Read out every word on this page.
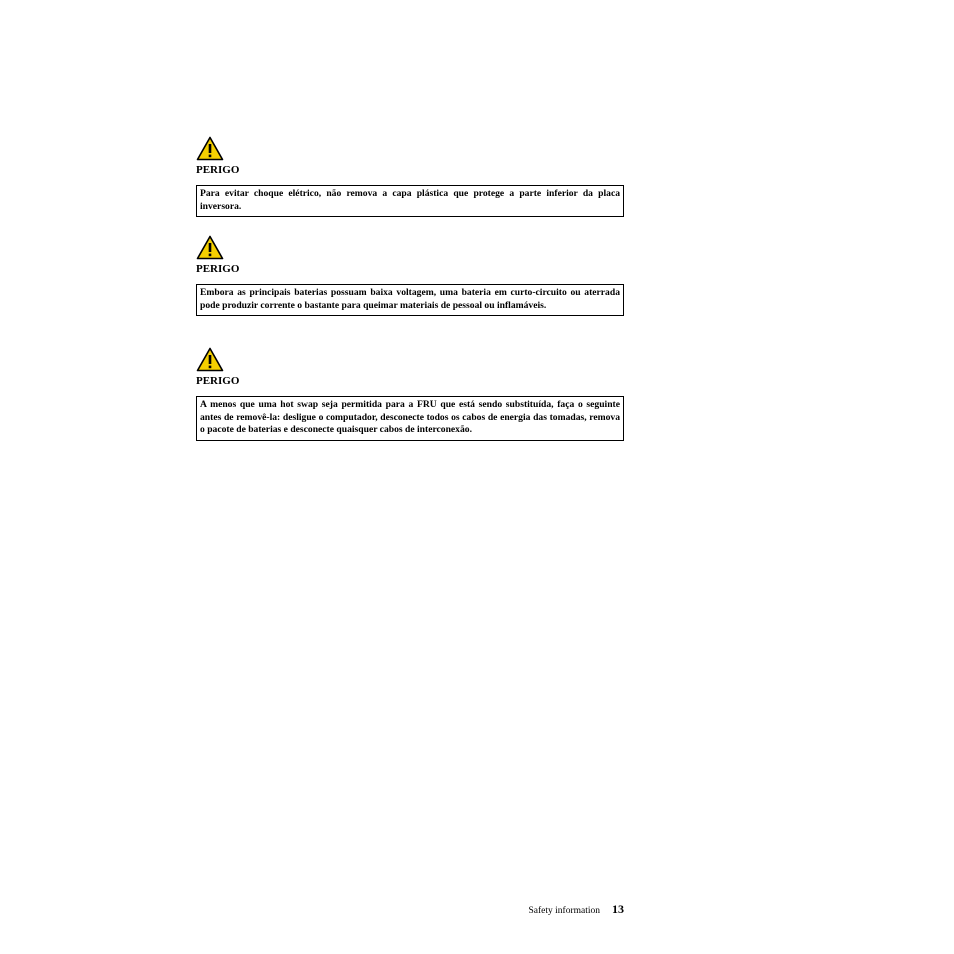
PERIGO
Para evitar choque elétrico, não remova a capa plástica que protege a parte inferior da placa inversora.
PERIGO
Embora as principais baterias possuam baixa voltagem, uma bateria em curto-circuito ou aterrada pode produzir corrente o bastante para queimar materiais de pessoal ou inflamáveis.
PERIGO
A menos que uma hot swap seja permitida para a FRU que está sendo substituída, faça o seguinte antes de removê-la: desligue o computador, desconecte todos os cabos de energia das tomadas, remova o pacote de baterias e desconecte quaisquer cabos de interconexão.
Safety information 13
